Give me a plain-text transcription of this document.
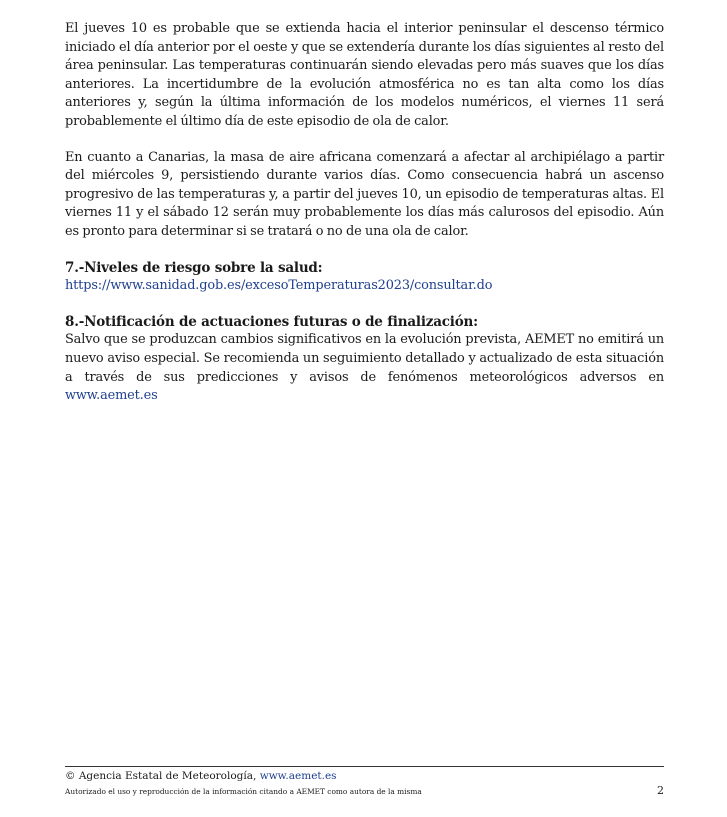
El jueves 10 es probable que se extienda hacia el interior peninsular el descenso térmico iniciado el día anterior por el oeste y que se extendería durante los días siguientes al resto del área peninsular. Las temperaturas continuarán siendo elevadas pero más suaves que los días anteriores. La incertidumbre de la evolución atmosférica no es tan alta como los días anteriores y, según la última información de los modelos numéricos, el viernes 11 será probablemente el último día de este episodio de ola de calor.

En cuanto a Canarias, la masa de aire africana comenzará a afectar al archipiélago a partir del miércoles 9, persistiendo durante varios días. Como consecuencia habrá un ascenso progresivo de las temperaturas y, a partir del jueves 10, un episodio de temperaturas altas. El viernes 11 y el sábado 12 serán muy probablemente los días más calurosos del episodio. Aún es pronto para determinar si se tratará o no de una ola de calor.

7.-Niveles de riesgo sobre la salud:

https://www.sanidad.gob.es/excesoTemperaturas2023/consultar.do

8.-Notificación de actuaciones futuras o de finalización:

Salvo que se produzcan cambios significativos en la evolución prevista, AEMET no emitirá un nuevo aviso especial. Se recomienda un seguimiento detallado y actualizado de esta situación a través de sus predicciones y avisos de fenómenos meteorológicos adversos en www.aemet.es

© Agencia Estatal de Meteorología, www.aemet.es
Autorizado el uso y reproducción de la información citando a AEMET como autora de la misma	2
